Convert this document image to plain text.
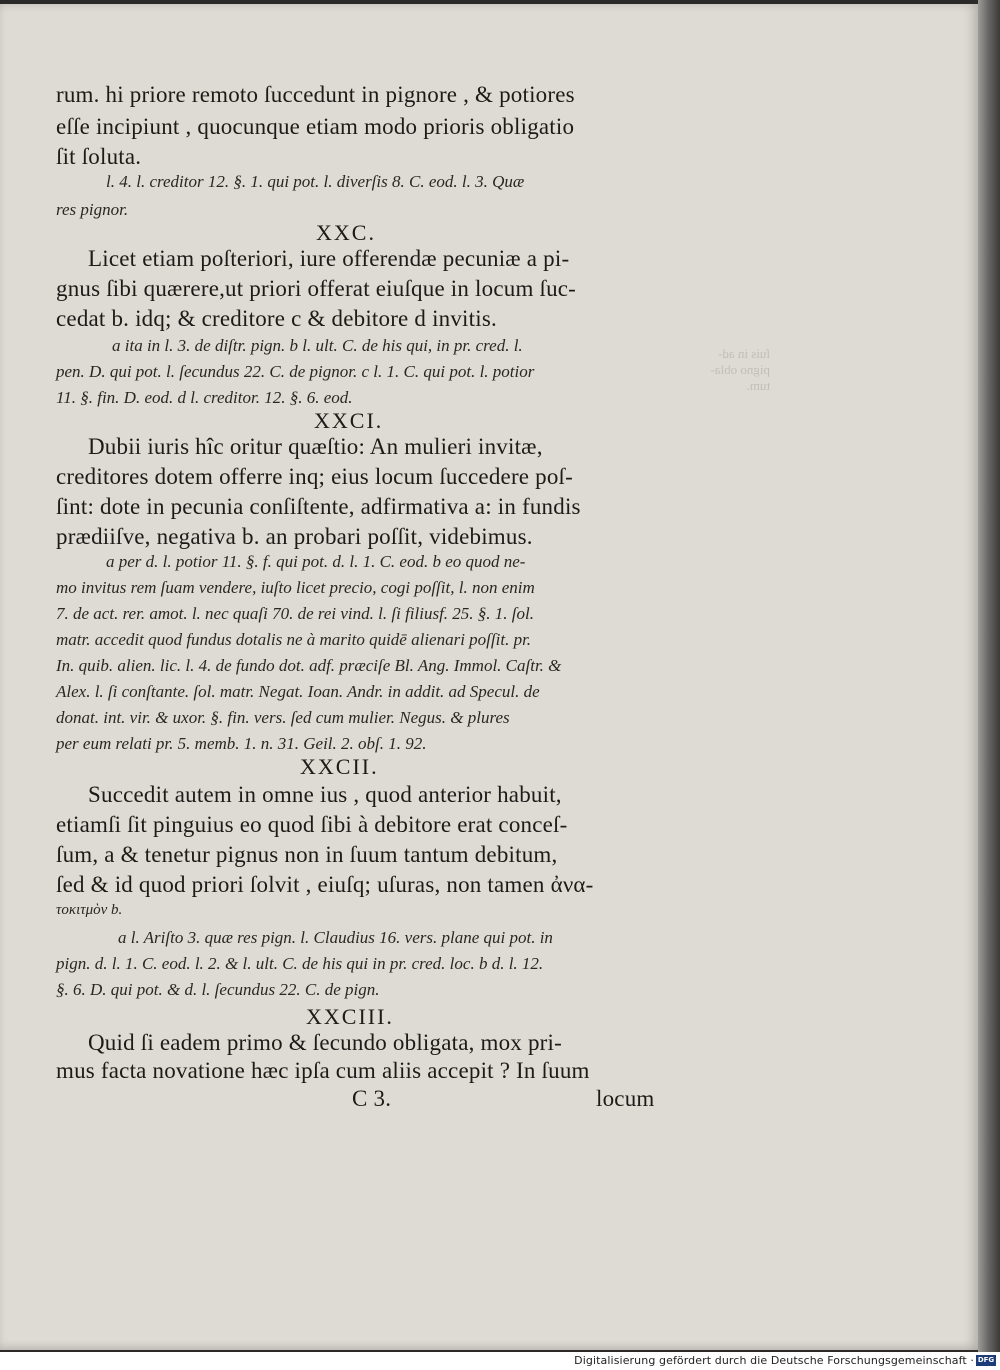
ſuis in ad-
pigno obla-
tum.
rum. hi priore remoto ſuccedunt in pignore , & potiores
eſſe incipiunt , quocunque etiam modo prioris obligatio
ſit ſoluta.
l. 4. l. creditor 12. §. 1. qui pot. l. diverſis 8. C. eod. l. 3. Quæ
res pignor.
XXC.
Licet etiam poſteriori, iure offerendæ pecuniæ a pi-
gnus ſibi quærere,ut priori offerat eiuſque in locum ſuc-
cedat b. idq; & creditore c & debitore d invitis.
a ita in l. 3. de diſtr. pign. b l. ult. C. de his qui, in pr. cred. l.
pen. D. qui pot. l. ſecundus 22. C. de pignor. c l. 1. C. qui pot. l. potior
11. §. fin. D. eod. d l. creditor. 12. §. 6. eod.
XXCI.
Dubii iuris hîc oritur quæſtio: An mulieri invitæ,
creditores dotem offerre inq; eius locum ſuccedere poſ-
ſint: dote in pecunia conſiſtente, adfirmativa a: in fundis
prædiiſve, negativa b. an probari poſſit, videbimus.
a per d. l. potior 11. §. f. qui pot. d. l. 1. C. eod. b eo quod ne-
mo invitus rem ſuam vendere, iuſto licet precio, cogi poſſit, l. non enim
7. de act. rer. amot. l. nec quaſi 70. de rei vind. l. ſi filiusf. 25. §. 1. ſol.
matr. accedit quod fundus dotalis ne à marito quidē alienari poſſit. pr.
In. quib. alien. lic. l. 4. de fundo dot. adf. præciſe Bl. Ang. Immol. Caſtr. &
Alex. l. ſi conſtante. ſol. matr. Negat. Ioan. Andr. in addit. ad Specul. de
donat. int. vir. & uxor. §. fin. vers. ſed cum mulier. Negus. & plures
per eum relati pr. 5. memb. 1. n. 31. Geil. 2. obſ. 1. 92.
XXCII.
Succedit autem in omne ius , quod anterior habuit,
etiamſi ſit pinguius eo quod ſibi à debitore erat conceſ-
ſum, a & tenetur pignus non in ſuum tantum debitum,
ſed & id quod priori ſolvit , eiuſq; uſuras, non tamen ἀνα-
τοκιτμὸν b.
a l. Ariſto 3. quæ res pign. l. Claudius 16. vers. plane qui pot. in
pign. d. l. 1. C. eod. l. 2. & l. ult. C. de his qui in pr. cred. loc. b d. l. 12.
§. 6. D. qui pot. & d. l. ſecundus 22. C. de pign.
XXCIII.
Quid ſi eadem primo & ſecundo obligata, mox pri-
mus facta novatione hæc ipſa cum aliis accepit ? In ſuum
C 3.	locum
Digitalisierung gefördert durch die Deutsche Forschungsgemeinschaft · DFG
